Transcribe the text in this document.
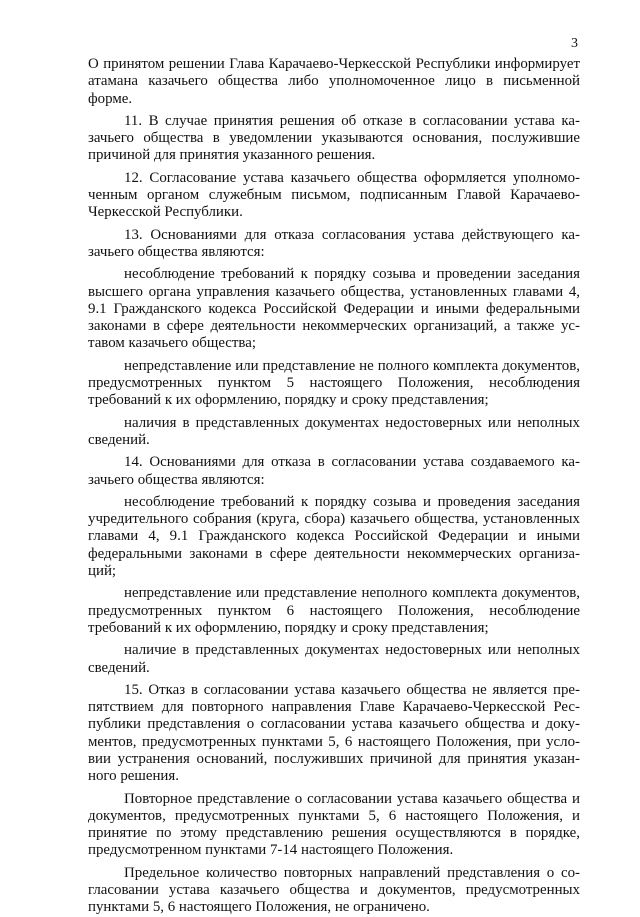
3

О принятом решении Глава Карачаево-Черкесской Республики информирует атамана казачьего общества либо уполномоченное лицо в письменной форме.

11. В случае принятия решения об отказе в согласовании устава казачьего общества в уведомлении указываются основания, послужившие причиной для принятия указанного решения.

12. Согласование устава казачьего общества оформляется уполномоченным органом служебным письмом, подписанным Главой Карачаево-Черкесской Республики.

13. Основаниями для отказа согласования устава действующего казачьего общества являются:

несоблюдение требований к порядку созыва и проведении заседания высшего органа управления казачьего общества, установленных главами 4, 9.1 Гражданского кодекса Российской Федерации и иными федеральными законами в сфере деятельности некоммерческих организаций, а также уставом казачьего общества;

непредставление или представление не полного комплекта документов, предусмотренных пунктом 5 настоящего Положения, несоблюдения требований к их оформлению, порядку и сроку представления;

наличия в представленных документах недостоверных или неполных сведений.

14. Основаниями для отказа в согласовании устава создаваемого казачьего общества являются:

несоблюдение требований к порядку созыва и проведения заседания учредительного собрания (круга, сбора) казачьего общества, установленных главами 4, 9.1 Гражданского кодекса Российской Федерации и иными федеральными законами в сфере деятельности некоммерческих организаций;

непредставление или представление неполного комплекта документов, предусмотренных пунктом 6 настоящего Положения, несоблюдение требований к их оформлению, порядку и сроку представления;

наличие в представленных документах недостоверных или неполных сведений.

15. Отказ в согласовании устава казачьего общества не является препятствием для повторного направления Главе Карачаево-Черкесской Республики представления о согласовании устава казачьего общества и документов, предусмотренных пунктами 5, 6 настоящего Положения, при условии устранения оснований, послуживших причиной для принятия указанного решения.

Повторное представление о согласовании устава казачьего общества и документов, предусмотренных пунктами 5, 6 настоящего Положения, и принятие по этому представлению решения осуществляются в порядке, предусмотренном пунктами 7-14 настоящего Положения.

Предельное количество повторных направлений представления о согласовании устава казачьего общества и документов, предусмотренных пунктами 5, 6 настоящего Положения, не ограничено.
